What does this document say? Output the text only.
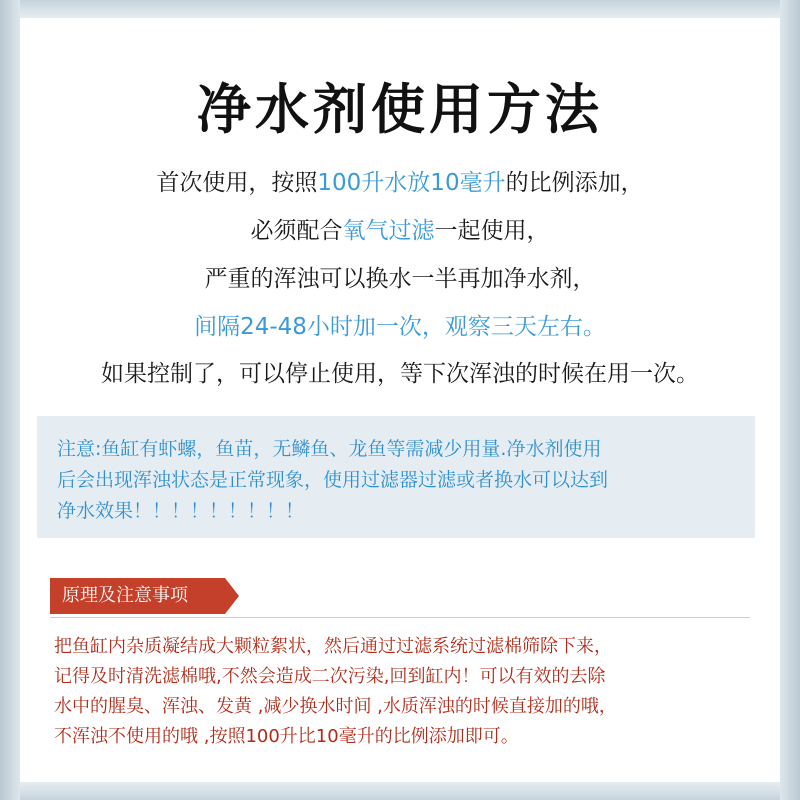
净水剂使用方法
首次使用，按照100升水放10毫升的比例添加，
必须配合氧气过滤一起使用，
严重的浑浊可以换水一半再加净水剂，
间隔24-48小时加一次，观察三天左右。
如果控制了，可以停止使用，等下次浑浊的时候在用一次。
注意:鱼缸有虾螺，鱼苗，无鳞鱼、龙鱼等需减少用量.净水剂使用
后会出现浑浊状态是正常现象，使用过滤器过滤或者换水可以达到
净水效果！！！！！！！！！
原理及注意事项
把鱼缸内杂质凝结成大颗粒絮状，然后通过过滤系统过滤棉筛除下来，
记得及时清洗滤棉哦,不然会造成二次污染,回到缸内！可以有效的去除
水中的腥臭、浑浊、发黄 ,减少换水时间 ,水质浑浊的时候直接加的哦，
不浑浊不使用的哦 ,按照100升比10毫升的比例添加即可。
